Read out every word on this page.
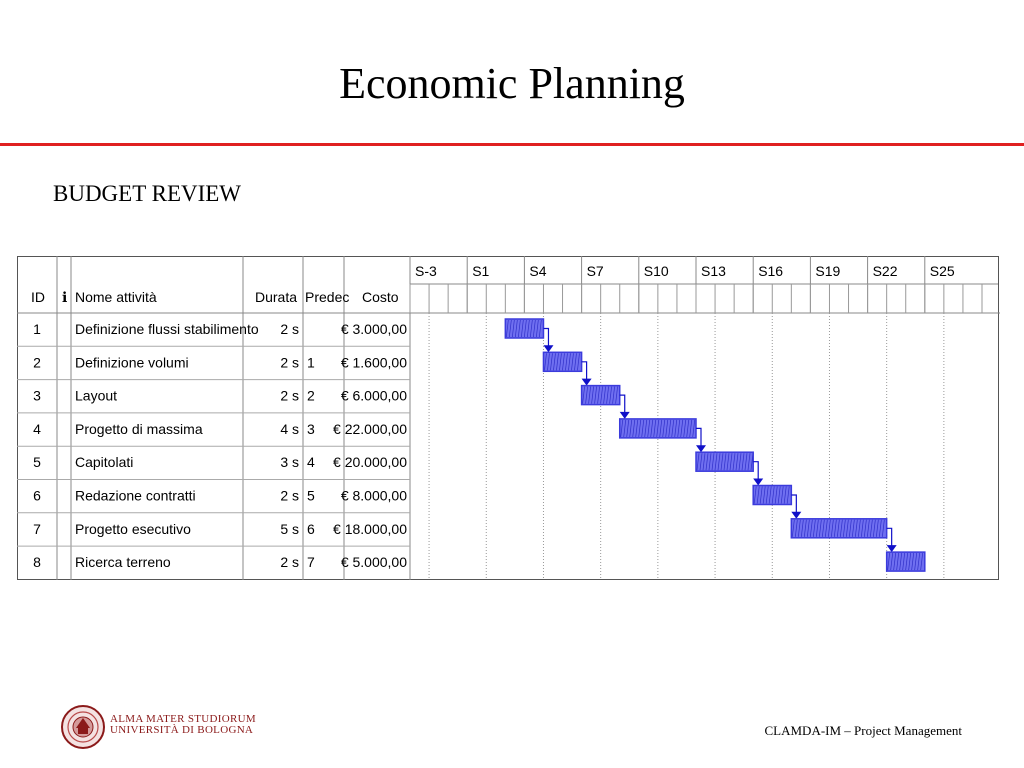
Economic Planning
BUDGET REVIEW
ID ℹ Nome attività	Durata Predec Costo
S-3	S1	S4	S7	S10 S13 S16 S19 S22 S25
1 Definizione flussi stabilimento 2 s	€ 3.000,00
2 Definizione volumi	2 s 1 € 1.600,00
3 Layout	2 s 2 € 6.000,00
4 Progetto di massima	4 s 3 € 22.000,00
5 Capitolati	3 s 4 € 20.000,00
6 Redazione contratti	2 s 5 € 8.000,00
7 Progetto esecutivo	5 s 6 € 18.000,00
8 Ricerca terreno	2 s 7 € 5.000,00
ALMA MATER STUDIORUM
UNIVERSITÀ DI BOLOGNA	CLAMDA-IM – Project Management
